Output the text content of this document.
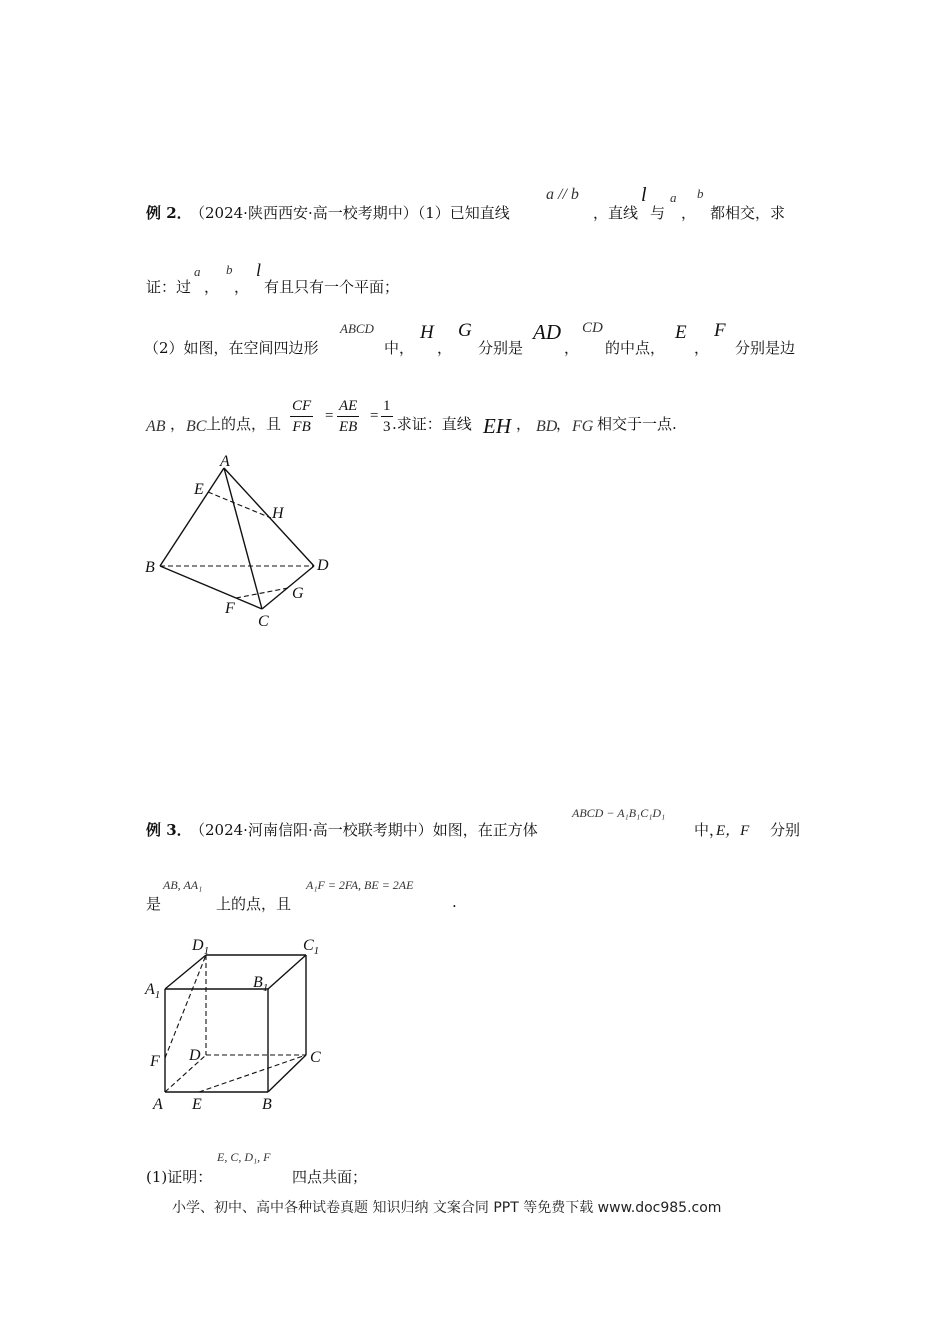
例 2．
（2024·陕西西安·高一校考期中）（1）已知直线
a // b
，直线
l
与
a
，
b
都相交，求
证：过
a
，
b
，
l
有且只有一个平面；
（2）如图，在空间四边形
ABCD
中，
H
，
G
分别是
AD
，
CD
的中点，
E
，
F
分别是边
AB ， BC 上的点，且 $\frac{CF}{FB} = \frac{AE}{EB} = \frac{1}{3}$ .求证：直线 EH ， BD
， FG 相交于一点.
A
E
H
B	D
G
F
C
例 3．
（2024·河南信阳·高一校联考期中）如图，在正方体
ABCD − A₁B₁C₁D₁
中，
E，F 分别
是
AB, AA₁
上的点，且
A₁F = 2FA, BE = 2AE
.
$D_1$	$C_1$
$B_1$
$A_1$
D	C
F
A E	B
(1)证明：
E, C, D₁, F
四点共面；
小学、初中、高中各种试卷真题 知识归纳 文案合同 PPT 等免费下载 www.doc985.com
